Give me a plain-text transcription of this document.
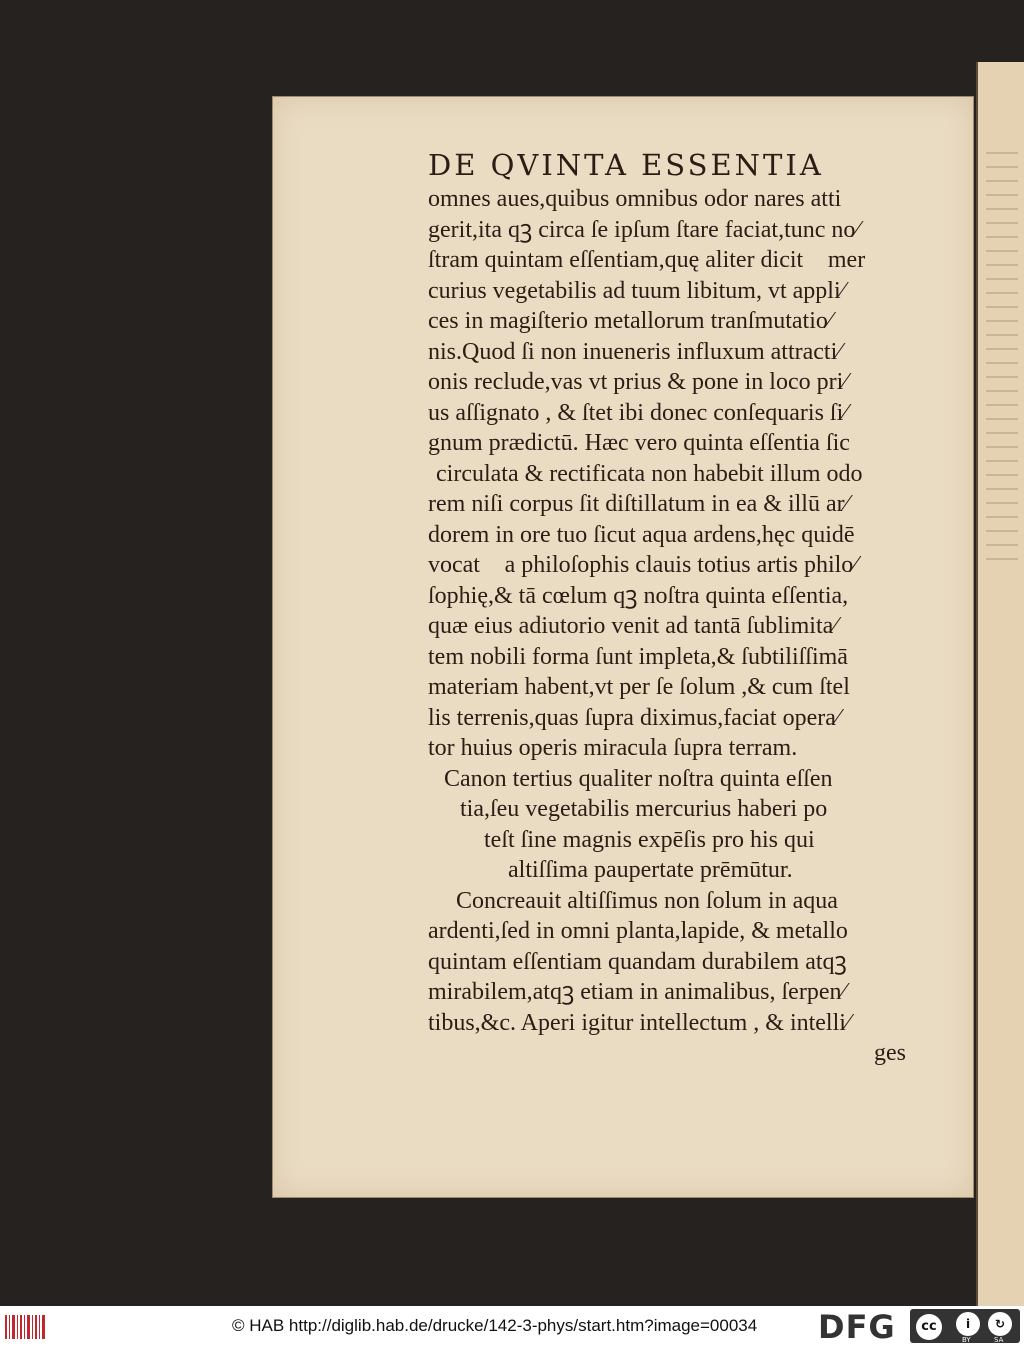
DE QVINTA ESSENTIA
omnes aues,quibus omnibus odor nares atti
gerit,ita qꝫ circa ſe ipſum ſtare faciat,tunc no⁄
ſtram quintam eſſentiam,quę aliter dicitᷣ mer
curius vegetabilis ad tuum libitum, vt appli⁄
ces in magiſterio metallorum tranſmutatio⁄
nis.Quod ſi non inueneris influxum attracti⁄
onis reclude,vas vt prius & pone in loco pri⁄
us aſſignato , & ſtet ibi donec conſequaris ſi⁄
gnum prædictū. Hæc vero quinta eſſentia ſic
circulata & rectificata non habebit illum odo
rem niſi corpus ſit diſtillatum in ea & illū ar⁄
dorem in ore tuo ſicut aqua ardens,hęc quidē
vocatᷣ a philoſophis clauis totius artis philo⁄
ſophię,& tā cœlum qꝫ noſtra quinta eſſentia,
quæ eius adiutorio venit ad tantā ſublimita⁄
tem nobili forma ſunt impleta,& ſubtiliſſimā
materiam habent,vt per ſe ſolum ,& cum ſtel
lis terrenis,quas ſupra diximus,faciat opera⁄
tor huius operis miracula ſupra terram.
Canon tertius qualiter noſtra quinta eſſen
tia,ſeu vegetabilis mercurius haberi po
teſt ſine magnis expēſis pro his qui
altiſſima paupertate prēmūtur.
Concreauit altiſſimus non ſolum in aqua
ardenti,ſed in omni planta,lapide, & metallo
quintam eſſentiam quandam durabilem atqꝫ
mirabilem,atqꝫ etiam in animalibus, ſerpen⁄
tibus,&c. Aperi igitur intellectum , & intelli⁄
ges
© HAB http://diglib.hab.de/drucke/142-3-phys/start.htm?image=00034 DFG	cc	i	↻
BY	SA
